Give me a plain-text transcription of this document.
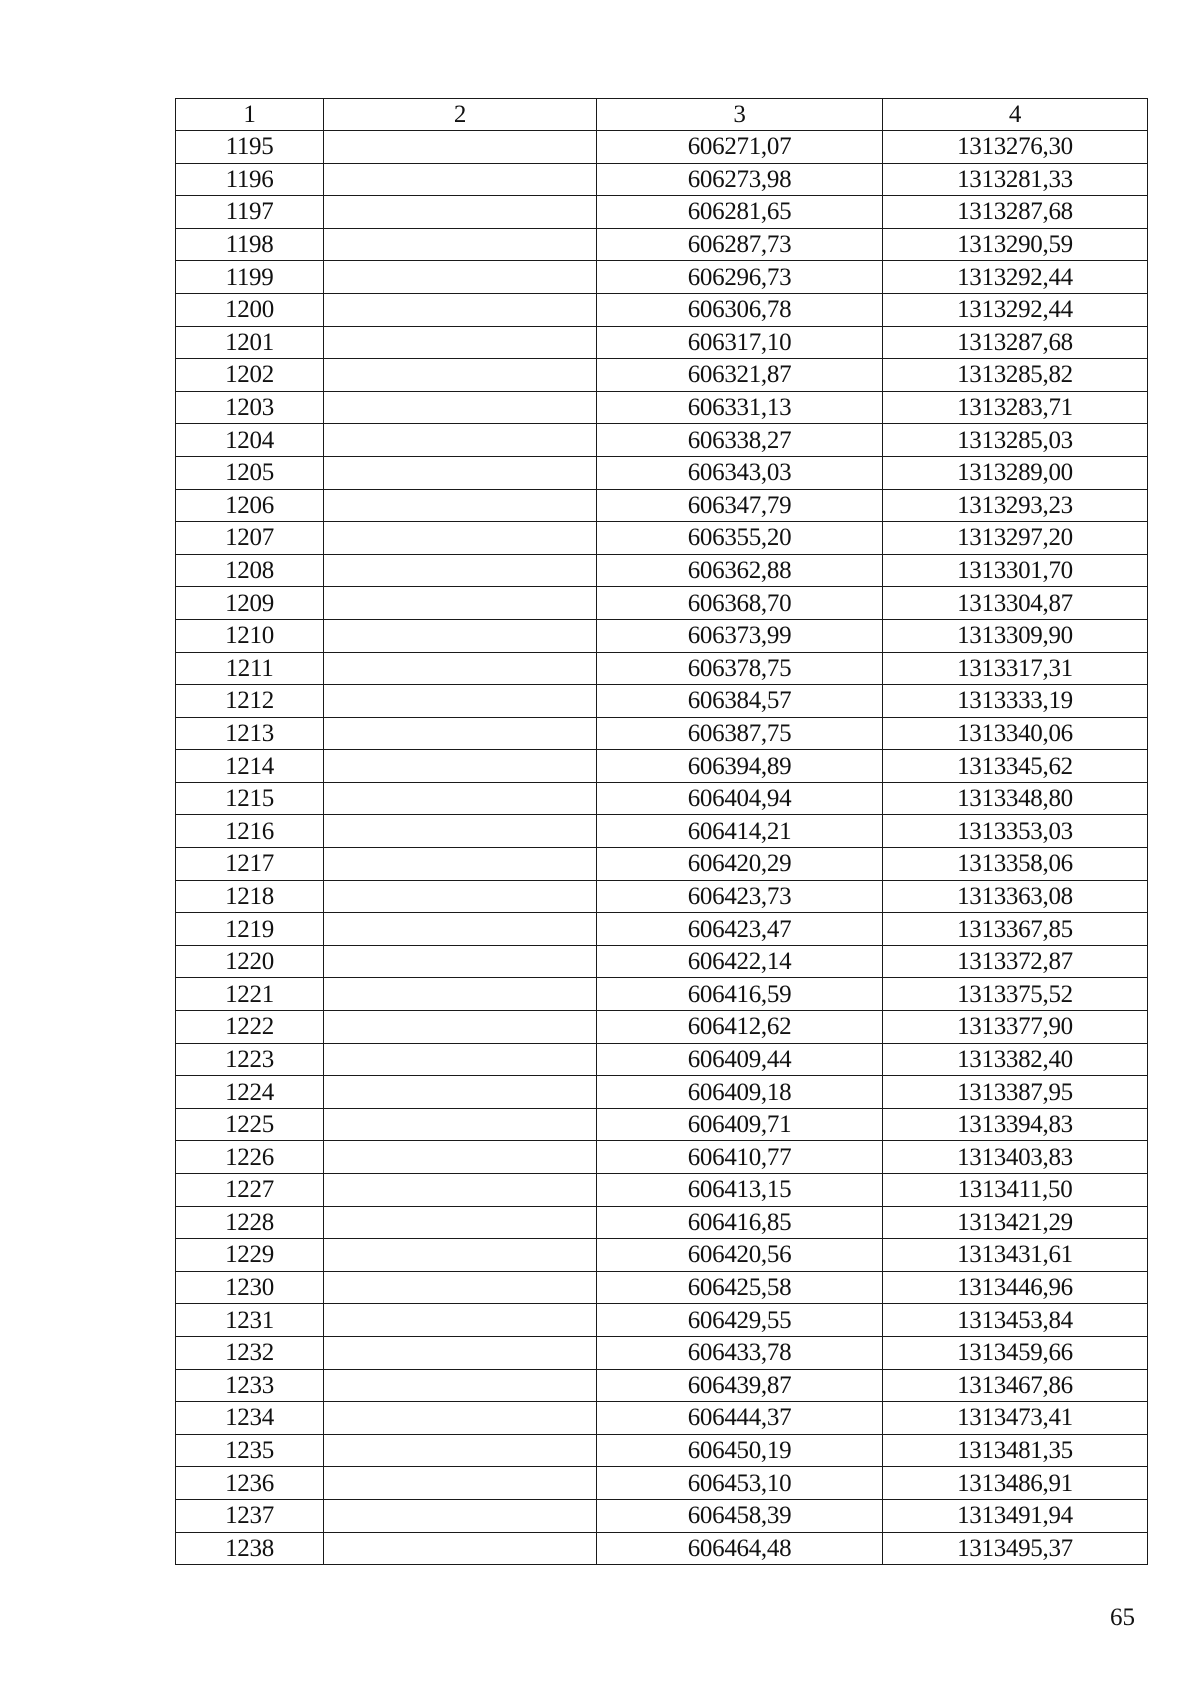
1	2	3	4
1195		606271,07	1313276,30
1196		606273,98	1313281,33
1197		606281,65	1313287,68
1198		606287,73	1313290,59
1199		606296,73	1313292,44
1200		606306,78	1313292,44
1201		606317,10	1313287,68
1202		606321,87	1313285,82
1203		606331,13	1313283,71
1204		606338,27	1313285,03
1205		606343,03	1313289,00
1206		606347,79	1313293,23
1207		606355,20	1313297,20
1208		606362,88	1313301,70
1209		606368,70	1313304,87
1210		606373,99	1313309,90
1211		606378,75	1313317,31
1212		606384,57	1313333,19
1213		606387,75	1313340,06
1214		606394,89	1313345,62
1215		606404,94	1313348,80
1216		606414,21	1313353,03
1217		606420,29	1313358,06
1218		606423,73	1313363,08
1219		606423,47	1313367,85
1220		606422,14	1313372,87
1221		606416,59	1313375,52
1222		606412,62	1313377,90
1223		606409,44	1313382,40
1224		606409,18	1313387,95
1225		606409,71	1313394,83
1226		606410,77	1313403,83
1227		606413,15	1313411,50
1228		606416,85	1313421,29
1229		606420,56	1313431,61
1230		606425,58	1313446,96
1231		606429,55	1313453,84
1232		606433,78	1313459,66
1233		606439,87	1313467,86
1234		606444,37	1313473,41
1235		606450,19	1313481,35
1236		606453,10	1313486,91
1237		606458,39	1313491,94
1238		606464,48	1313495,37
65
